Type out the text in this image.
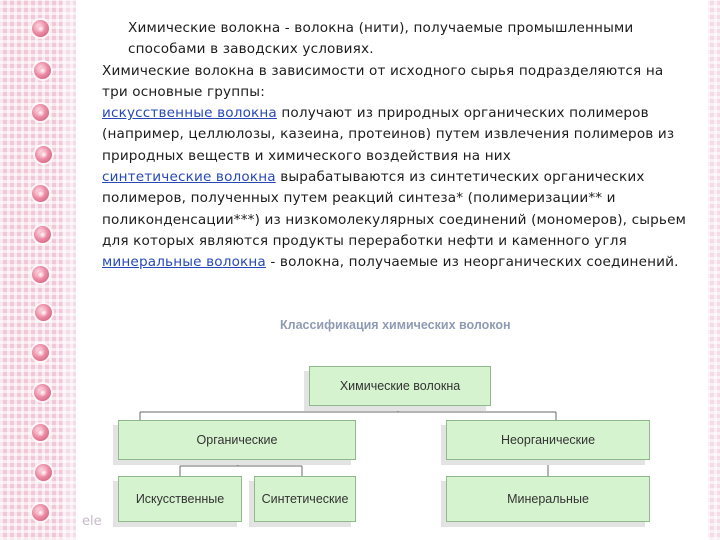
Химические волокна - волокна (нити), получаемые промышленными способами в заводских условиях.

Химические волокна в зависимости от исходного сырья подразделяются на три основные группы:

искусственные волокна получают из природных органических полимеров (например, целлюлозы, казеина, протеинов) путем извлечения полимеров из природных веществ и химического воздействия на них

синтетические волокна вырабатываются из синтетических органических полимеров, полученных путем реакций синтеза* (полимеризации** и поликонденсации***) из низкомолекулярных соединений (мономеров), сырьем для которых являются продукты переработки нефти и каменного угля

минеральные волокна - волокна, получаемые из неорганических соединений.

Классификация химических волокон
Химические волокна
Органические	Неорганические
Искусственные	Синтетические	Минеральные
ele
